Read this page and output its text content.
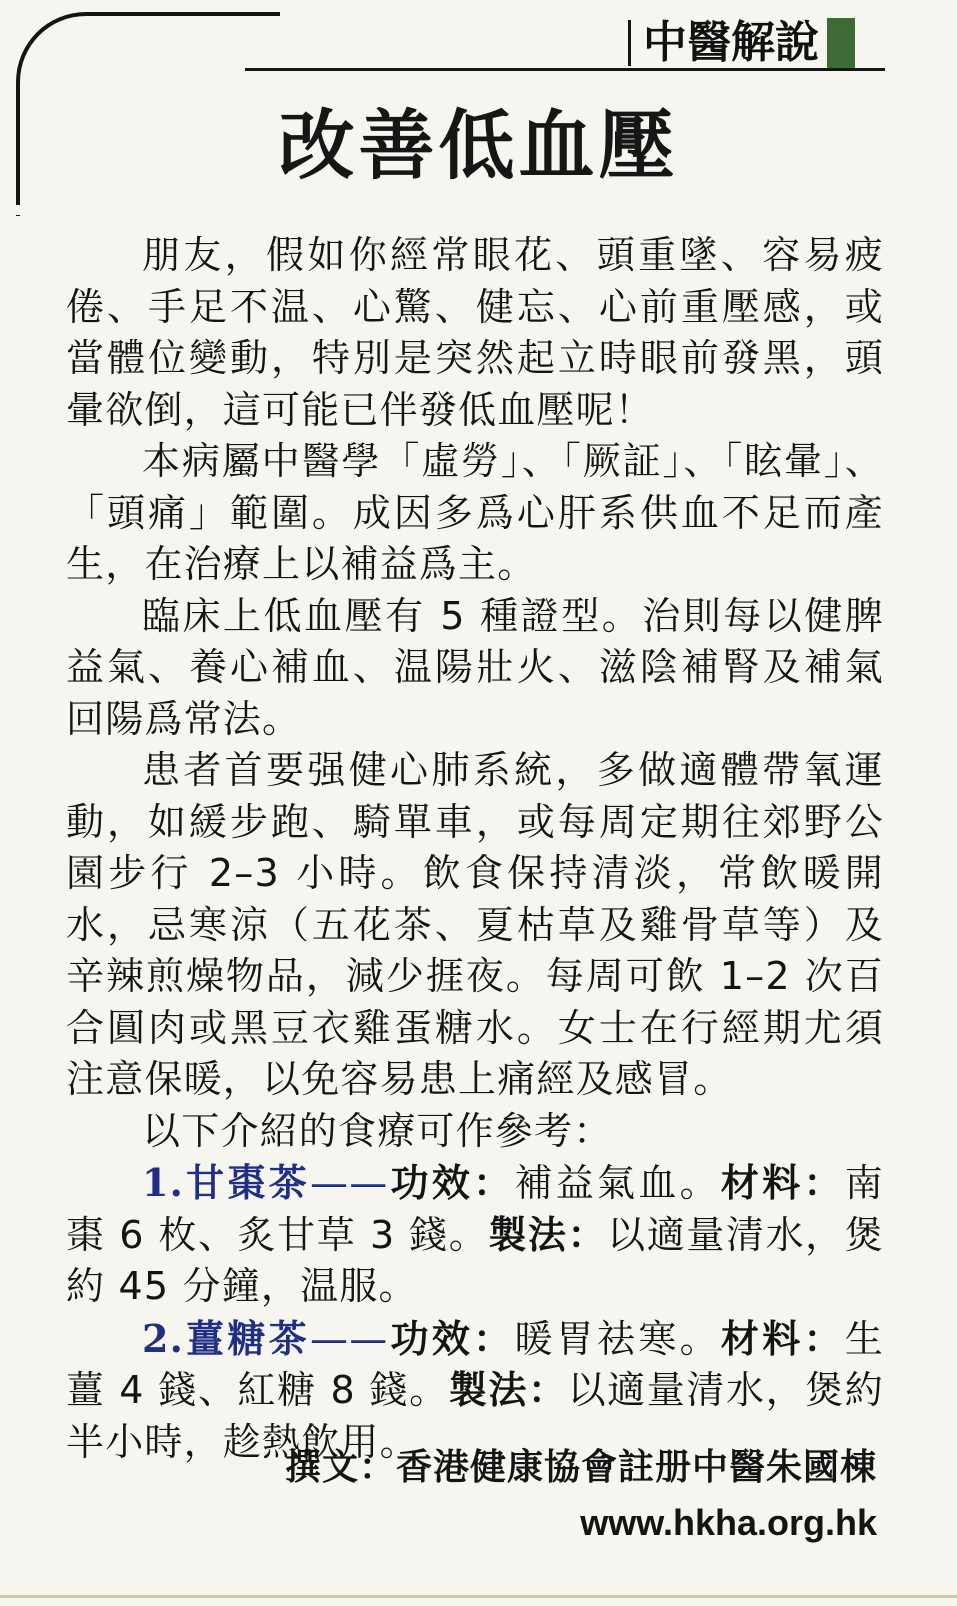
中醫解說
改善低血壓

朋友，假如你經常眼花、頭重墜、容易疲倦、手足不温、心驚、健忘、心前重壓感，或當體位變動，特別是突然起立時眼前發黑，頭暈欲倒，這可能已伴發低血壓呢！

本病屬中醫學「虛勞」、「厥証」、「眩暈」、「頭痛」範圍。成因多爲心肝系供血不足而產生，在治療上以補益爲主。

臨床上低血壓有 5 種證型。治則每以健脾益氣、養心補血、温陽壯火、滋陰補腎及補氣回陽爲常法。

患者首要强健心肺系統，多做適體帶氧運動，如緩步跑、騎單車，或每周定期往郊野公園步行 2–3 小時。飲食保持清淡，常飲暖開水，忌寒涼（五花茶、夏枯草及雞骨草等）及辛辣煎燥物品，減少捱夜。每周可飲 1–2 次百合圓肉或黑豆衣雞蛋糖水。女士在行經期尤須注意保暖，以免容易患上痛經及感冒。

以下介紹的食療可作參考：

1.甘棗茶——功效：補益氣血。材料：南棗 6 枚、炙甘草 3 錢。製法：以適量清水，煲約 45 分鐘，温服。

2.薑糖茶——功效：暖胃祛寒。材料：生薑 4 錢、紅糖 8 錢。製法：以適量清水，煲約半小時，趁熱飲用。

撰文：香港健康協會註册中醫朱國棟
www.hkha.org.hk
